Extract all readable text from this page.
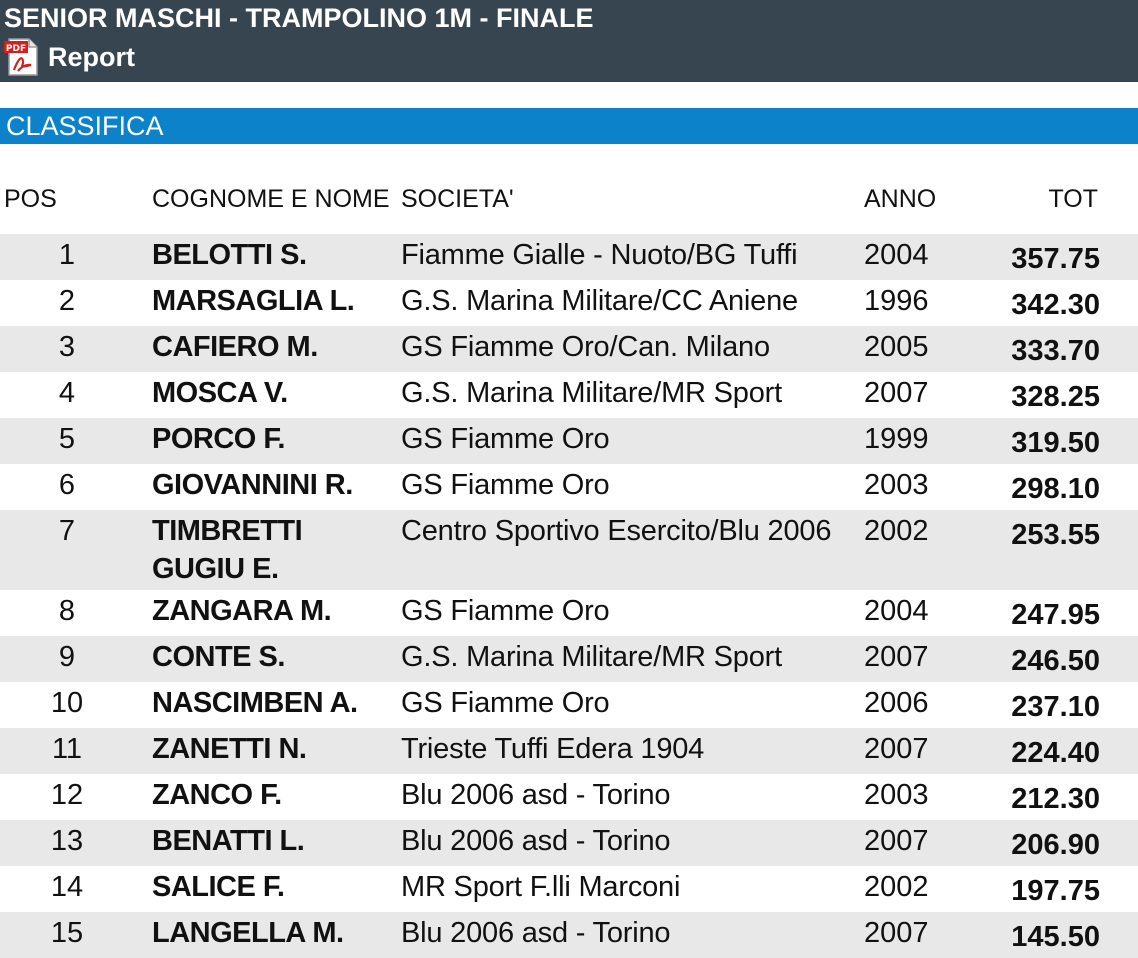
SENIOR MASCHI - TRAMPOLINO 1M - FINALE
PDF Report
CLASSIFICA
POS	COGNOME E NOME	SOCIETA'	ANNO	TOT
1	BELOTTI S.	Fiamme Gialle - Nuoto/BG Tuffi	2004	357.75
2	MARSAGLIA L.	G.S. Marina Militare/CC Aniene	1996	342.30
3	CAFIERO M.	GS Fiamme Oro/Can. Milano	2005	333.70
4	MOSCA V.	G.S. Marina Militare/MR Sport	2007	328.25
5	PORCO F.	GS Fiamme Oro	1999	319.50
6	GIOVANNINI R.	GS Fiamme Oro	2003	298.10
7	TIMBRETTI GUGIU E.	Centro Sportivo Esercito/Blu 2006	2002	253.55
8	ZANGARA M.	GS Fiamme Oro	2004	247.95
9	CONTE S.	G.S. Marina Militare/MR Sport	2007	246.50
10	NASCIMBEN A.	GS Fiamme Oro	2006	237.10
11	ZANETTI N.	Trieste Tuffi Edera 1904	2007	224.40
12	ZANCO F.	Blu 2006 asd - Torino	2003	212.30
13	BENATTI L.	Blu 2006 asd - Torino	2007	206.90
14	SALICE F.	MR Sport F.lli Marconi	2002	197.75
15	LANGELLA M.	Blu 2006 asd - Torino	2007	145.50
